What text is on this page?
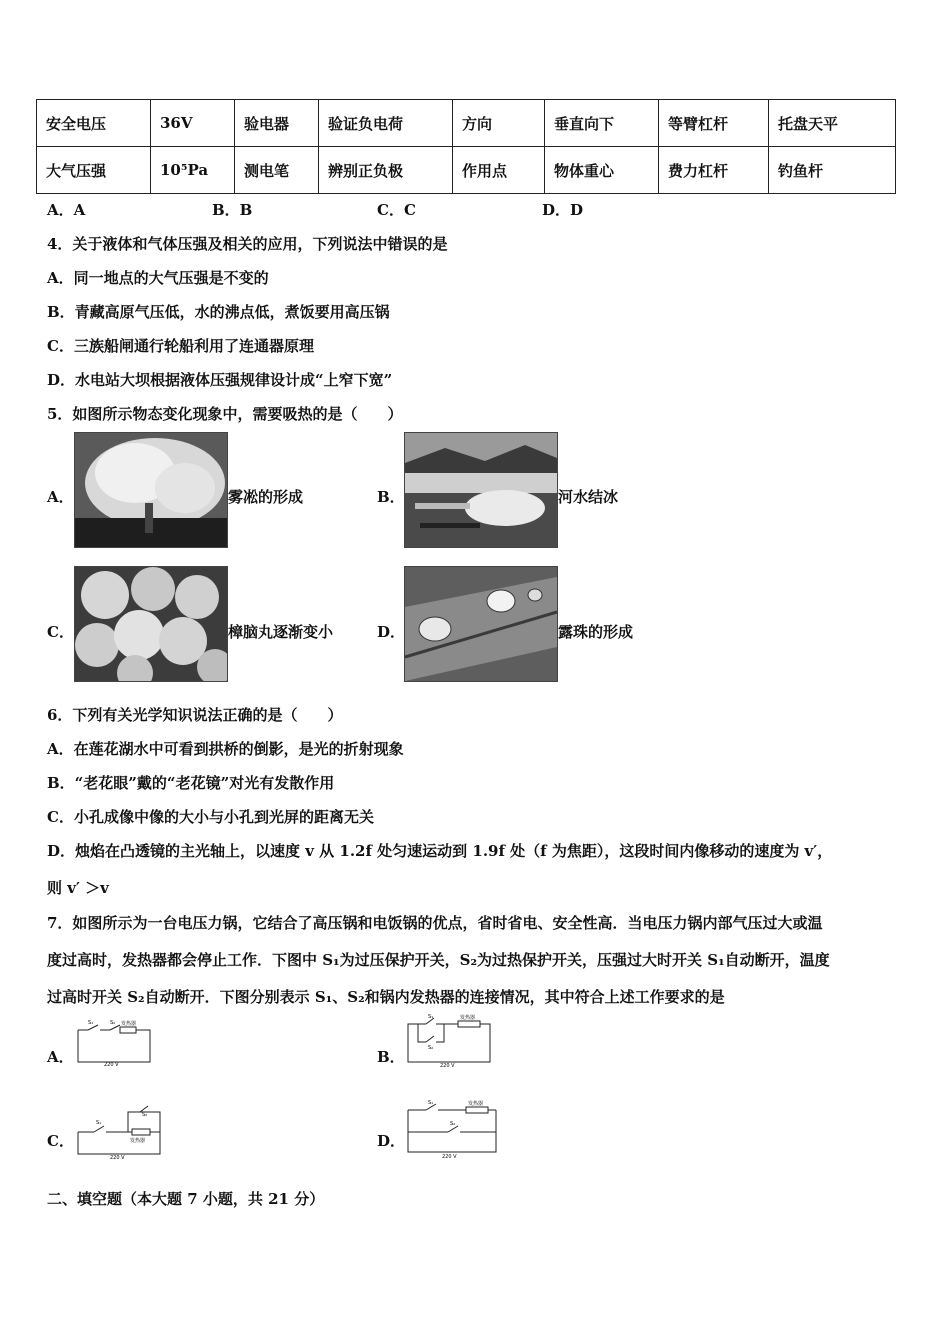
安全电压	36V	验电器	验证负电荷	方向	垂直向下	等臂杠杆	托盘天平
大气压强	10⁵Pa	测电笔	辨别正负极	作用点	物体重心	费力杠杆	钓鱼杆
A．A	B．B	C．C	D．D
4．关于液体和气体压强及相关的应用，下列说法中错误的是
A．同一地点的大气压强是不变的
B．青藏高原气压低，水的沸点低，煮饭要用高压锅
C．三族船闸通行轮船利用了连通器原理
D．水电站大坝根据液体压强规律设计成“上窄下宽”
5．如图所示物态变化现象中，需要吸热的是（　　）
A．	雾凇的形成	B．	河水结冰
C．	樟脑丸逐渐变小	D．	露珠的形成
6．下列有关光学知识说法正确的是（　　）
A．在莲花湖水中可看到拱桥的倒影，是光的折射现象
B．“老花眼”戴的“老花镜”对光有发散作用
C．小孔成像中像的大小与小孔到光屏的距离无关
D．烛焰在凸透镜的主光轴上，以速度 v 从 1.2f 处匀速运动到 1.9f 处（f 为焦距），这段时间内像移动的速度为 v′，
则 v′ ＞v
7．如图所示为一台电压力锅，它结合了高压锅和电饭锅的优点，省时省电、安全性高．当电压力锅内部气压过大或温
度过高时，发热器都会停止工作．下图中 S₁为过压保护开关，S₂为过热保护开关，压强过大时开关 S₁自动断开，温度
过高时开关 S₂自动断开．下图分别表示 S₁、S₂和锅内发热器的连接情况，其中符合上述工作要求的是
A．
S₁	S₂ 发热器
220 V	B．
S₁
S₂
发热器
220 V
C．
S₁
S₂
发热器
220 V
D．
S₁
S₂
发热器
220 V
二、填空题（本大题 7 小题，共 21 分）
